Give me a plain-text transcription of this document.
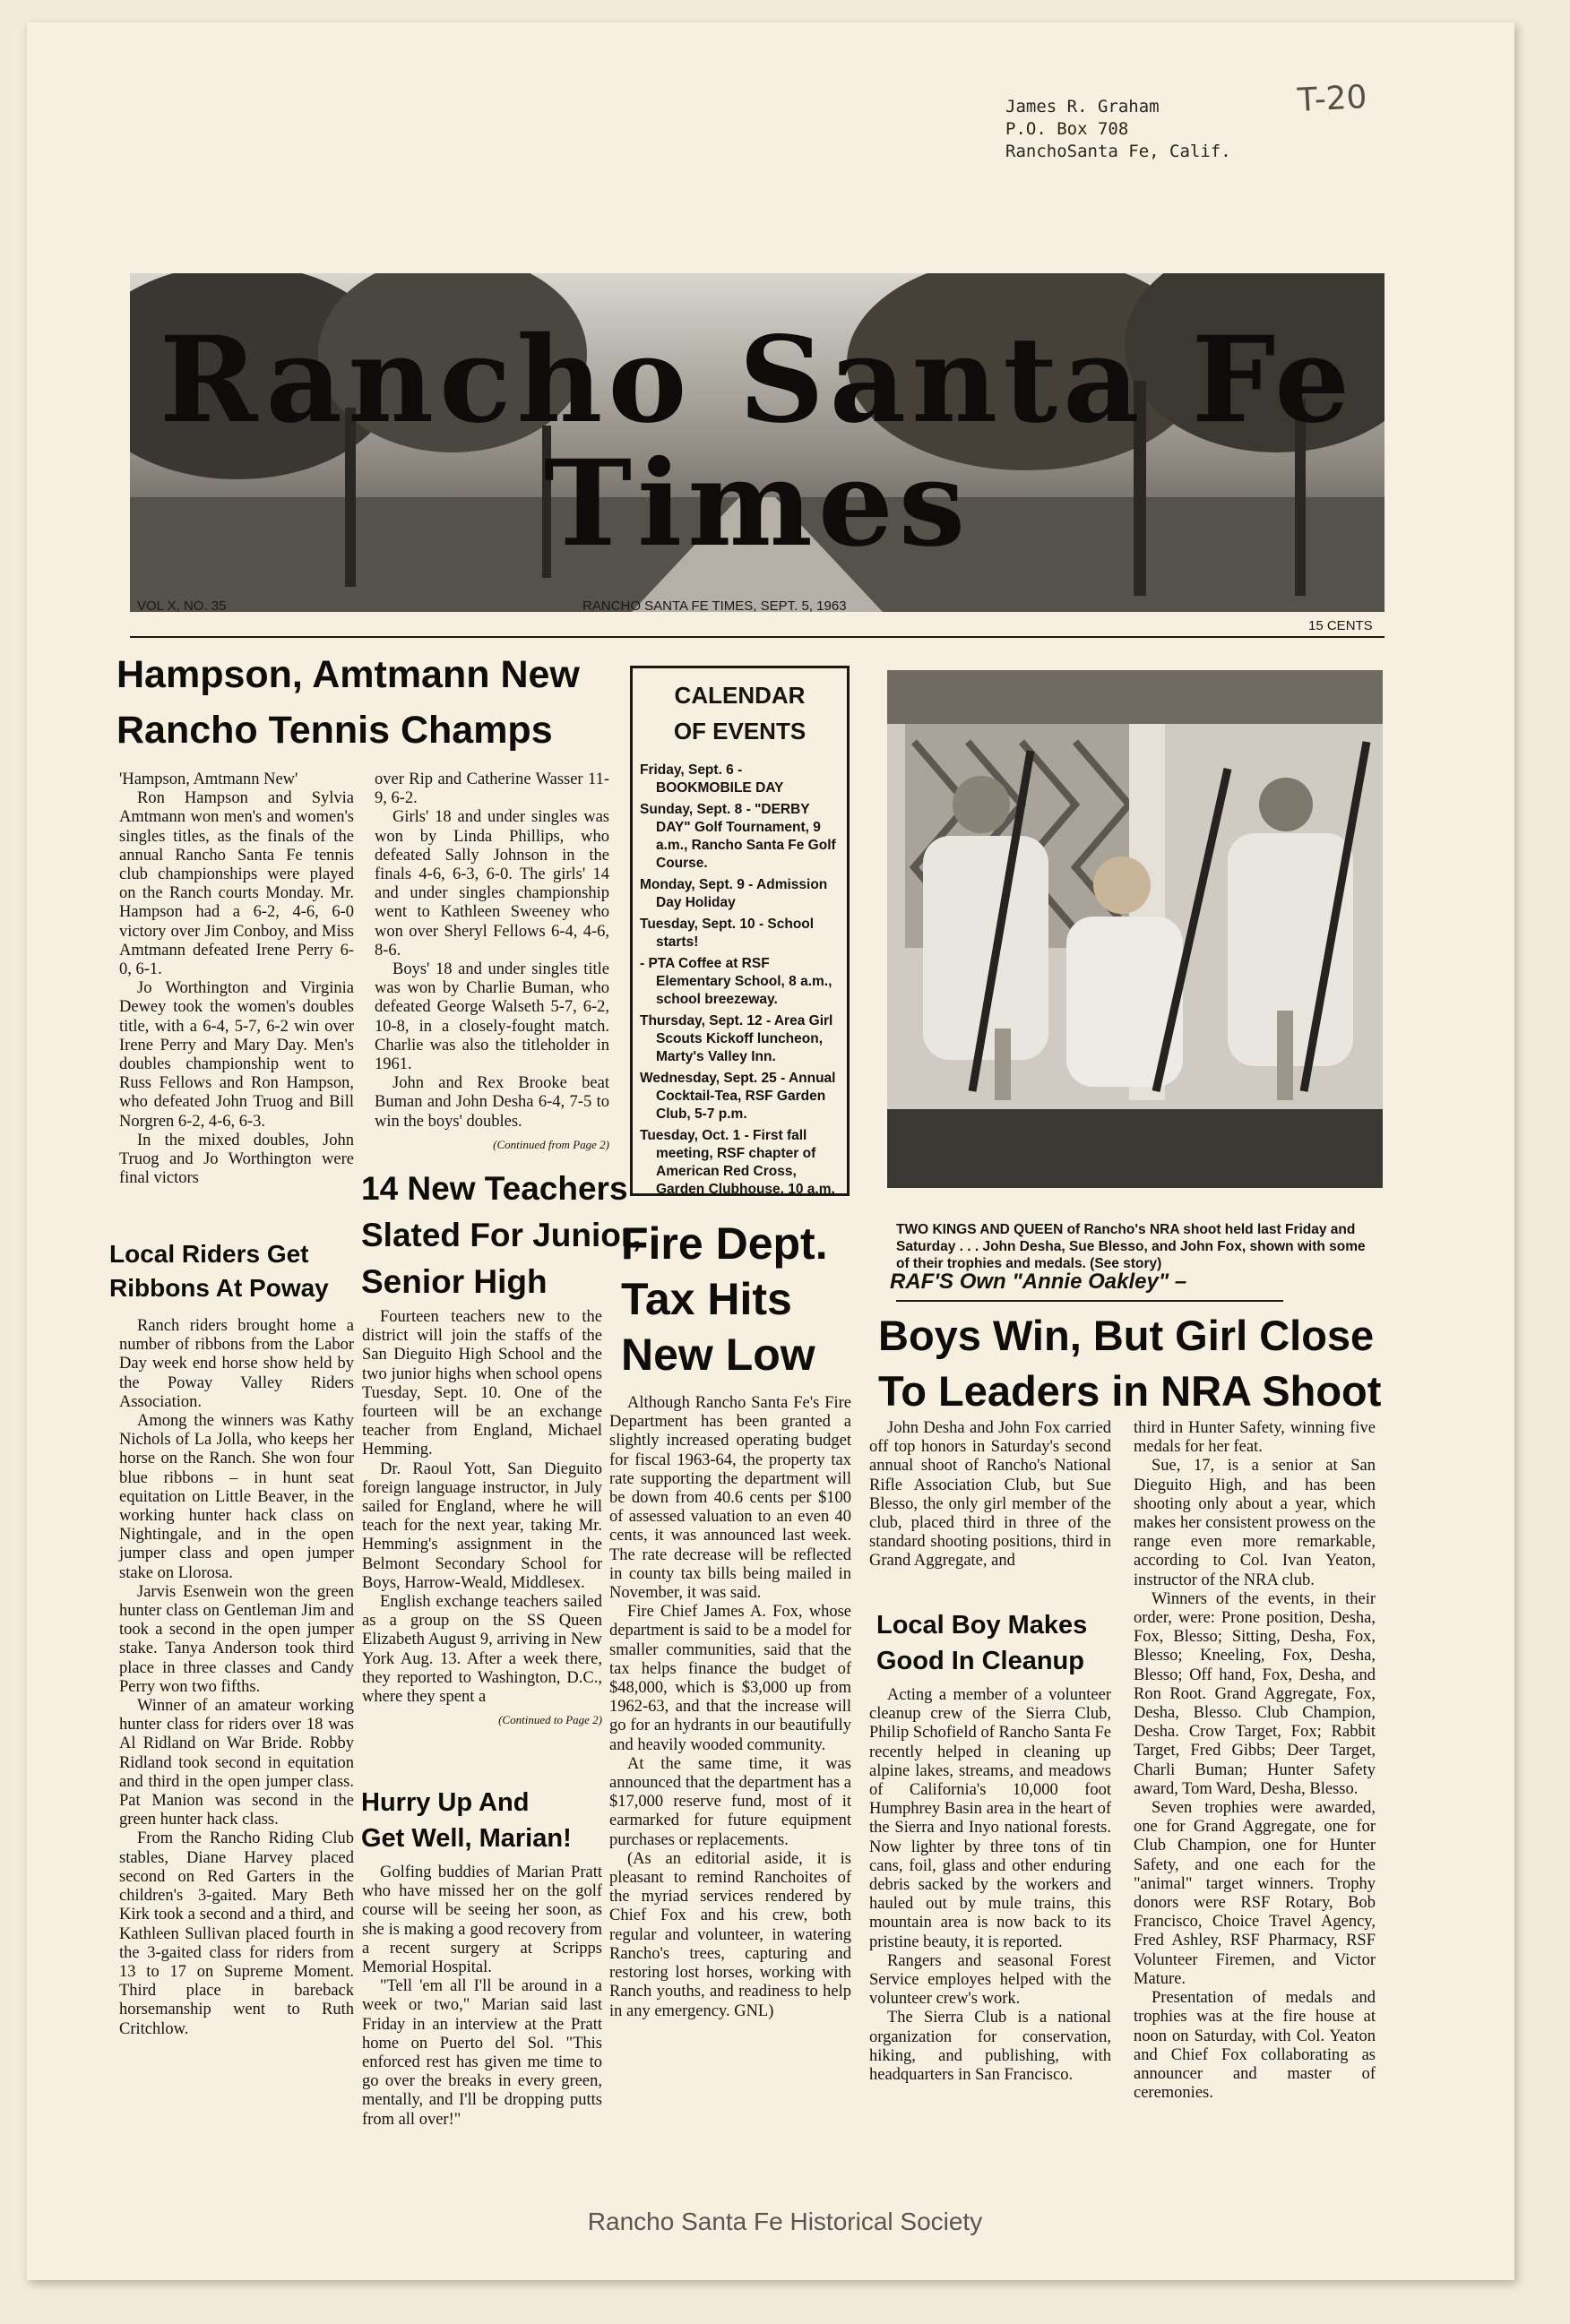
James R. Graham
P.O. Box 708
RanchoSanta Fe, Calif.
T-20
Rancho Santa Fe
Times
VOL X, NO. 35	RANCHO SANTA FE TIMES, SEPT. 5, 1963
15 CENTS
Hampson, Amtmann New
Rancho Tennis Champs

'Hampson, Amtmann New'

Ron Hampson and Sylvia Amtmann won men's and women's singles titles, as the finals of the annual Rancho Santa Fe tennis club championships were played on the Ranch courts Monday. Mr. Hampson had a 6-2, 4-6, 6-0 victory over Jim Conboy, and Miss Amtmann defeated Irene Perry 6-0, 6-1.

Jo Worthington and Virginia Dewey took the women's doubles title, with a 6-4, 5-7, 6-2 win over Irene Perry and Mary Day. Men's doubles championship went to Russ Fellows and Ron Hampson, who defeated John Truog and Bill Norgren 6-2, 4-6, 6-3.

In the mixed doubles, John Truog and Jo Worthington were final victors

over Rip and Catherine Wasser 11-9, 6-2.

Girls' 18 and under singles was won by Linda Phillips, who defeated Sally Johnson in the finals 4-6, 6-3, 6-0. The girls' 14 and under singles championship went to Kathleen Sweeney who won over Sheryl Fellows 6-4, 4-6, 8-6.

Boys' 18 and under singles title was won by Charlie Buman, who defeated George Walseth 5-7, 6-2, 10-8, in a closely-fought match. Charlie was also the titleholder in 1961.

John and Rex Brooke beat Buman and John Desha 6-4, 7-5 to win the boys' doubles.

(Continued from Page 2)
CALENDAR
OF EVENTS
Friday, Sept. 6 - BOOKMOBILE DAY
Sunday, Sept. 8 - "DERBY DAY" Golf Tournament, 9 a.m., Rancho Santa Fe Golf Course.
Monday, Sept. 9 - Admission Day Holiday
Tuesday, Sept. 10 - School starts!
- PTA Coffee at RSF Elementary School, 8 a.m., school breezeway.
Thursday, Sept. 12 - Area Girl Scouts Kickoff luncheon, Marty's Valley Inn.
Wednesday, Sept. 25 - Annual Cocktail-Tea, RSF Garden Club, 5-7 p.m.
Tuesday, Oct. 1 - First fall meeting, RSF chapter of American Red Cross, Garden Clubhouse, 10 a.m.
TWO KINGS AND QUEEN of Rancho's NRA shoot held last Friday and Saturday . . . John Desha, Sue Blesso, and John Fox, shown with some of their trophies and medals. (See story)
RAF'S Own "Annie Oakley" –
Local Riders Get
Ribbons At Poway

Ranch riders brought home a number of ribbons from the Labor Day week end horse show held by the Poway Valley Riders Association.

Among the winners was Kathy Nichols of La Jolla, who keeps her horse on the Ranch. She won four blue ribbons – in hunt seat equitation on Little Beaver, in the working hunter hack class on Nightingale, and in the open jumper class and open jumper stake on Llorosa.

Jarvis Esenwein won the green hunter class on Gentleman Jim and took a second in the open jumper stake. Tanya Anderson took third place in three classes and Candy Perry won two fifths.

Winner of an amateur working hunter class for riders over 18 was Al Ridland on War Bride. Robby Ridland took second in equitation and third in the open jumper class. Pat Manion was second in the green hunter hack class.

From the Rancho Riding Club stables, Diane Harvey placed second on Red Garters in the children's 3-gaited. Mary Beth Kirk took a second and a third, and Kathleen Sullivan placed fourth in the 3-gaited class for riders from 13 to 17 on Supreme Moment. Third place in bareback horsemanship went to Ruth Critchlow.

14 New Teachers
Slated For Junior,
Senior High

Fourteen teachers new to the district will join the staffs of the San Dieguito High School and the two junior highs when school opens Tuesday, Sept. 10. One of the fourteen will be an exchange teacher from England, Michael Hemming.

Dr. Raoul Yott, San Dieguito foreign language instructor, in July sailed for England, where he will teach for the next year, taking Mr. Hemming's assignment in the Belmont Secondary School for Boys, Harrow-Weald, Middlesex.

English exchange teachers sailed as a group on the SS Queen Elizabeth August 9, arriving in New York Aug. 13. After a week there, they reported to Washington, D.C., where they spent a

(Continued to Page 2)
Hurry Up And
Get Well, Marian!

Golfing buddies of Marian Pratt who have missed her on the golf course will be seeing her soon, as she is making a good recovery from a recent surgery at Scripps Memorial Hospital.

"Tell 'em all I'll be around in a week or two," Marian said last Friday in an interview at the Pratt home on Puerto del Sol. "This enforced rest has given me time to go over the breaks in every green, mentally, and I'll be dropping putts from all over!"

Fire Dept.
Tax Hits
New Low

Although Rancho Santa Fe's Fire Department has been granted a slightly increased operating budget for fiscal 1963-64, the property tax rate supporting the department will be down from 40.6 cents per $100 of assessed valuation to an even 40 cents, it was announced last week. The rate decrease will be reflected in county tax bills being mailed in November, it was said.

Fire Chief James A. Fox, whose department is said to be a model for smaller communities, said that the tax helps finance the budget of $48,000, which is $3,000 up from 1962-63, and that the increase will go for an hydrants in our beautifully and heavily wooded community.

At the same time, it was announced that the department has a $17,000 reserve fund, most of it earmarked for future equipment purchases or replacements.

(As an editorial aside, it is pleasant to remind Ranchoites of the myriad services rendered by Chief Fox and his crew, both regular and volunteer, in watering Rancho's trees, capturing and restoring lost horses, working with Ranch youths, and readiness to help in any emergency. GNL)

Boys Win, But Girl Close
To Leaders in NRA Shoot

John Desha and John Fox carried off top honors in Saturday's second annual shoot of Rancho's National Rifle Association Club, but Sue Blesso, the only girl member of the club, placed third in three of the standard shooting positions, third in Grand Aggregate, and

third in Hunter Safety, winning five medals for her feat.

Sue, 17, is a senior at San Dieguito High, and has been shooting only about a year, which makes her consistent prowess on the range even more remarkable, according to Col. Ivan Yeaton, instructor of the NRA club.

Winners of the events, in their order, were: Prone position, Desha, Fox, Blesso; Sitting, Desha, Fox, Blesso; Kneeling, Fox, Desha, Blesso; Off hand, Fox, Desha, and Ron Root. Grand Aggregate, Fox, Desha, Blesso. Club Champion, Desha. Crow Target, Fox; Rabbit Target, Fred Gibbs; Deer Target, Charli Buman; Hunter Safety award, Tom Ward, Desha, Blesso.

Seven trophies were awarded, one for Grand Aggregate, one for Club Champion, one for Hunter Safety, and one each for the "animal" target winners. Trophy donors were RSF Rotary, Bob Francisco, Choice Travel Agency, Fred Ashley, RSF Pharmacy, RSF Volunteer Firemen, and Victor Mature.

Presentation of medals and trophies was at the fire house at noon on Saturday, with Col. Yeaton and Chief Fox collaborating as announcer and master of ceremonies.

Local Boy Makes
Good In Cleanup

Acting a member of a volunteer cleanup crew of the Sierra Club, Philip Schofield of Rancho Santa Fe recently helped in cleaning up alpine lakes, streams, and meadows of California's 10,000 foot Humphrey Basin area in the heart of the Sierra and Inyo national forests. Now lighter by three tons of tin cans, foil, glass and other enduring debris sacked by the workers and hauled out by mule trains, this mountain area is now back to its pristine beauty, it is reported.

Rangers and seasonal Forest Service employes helped with the volunteer crew's work.

The Sierra Club is a national organization for conservation, hiking, and publishing, with headquarters in San Francisco.

Rancho Santa Fe Historical Society
